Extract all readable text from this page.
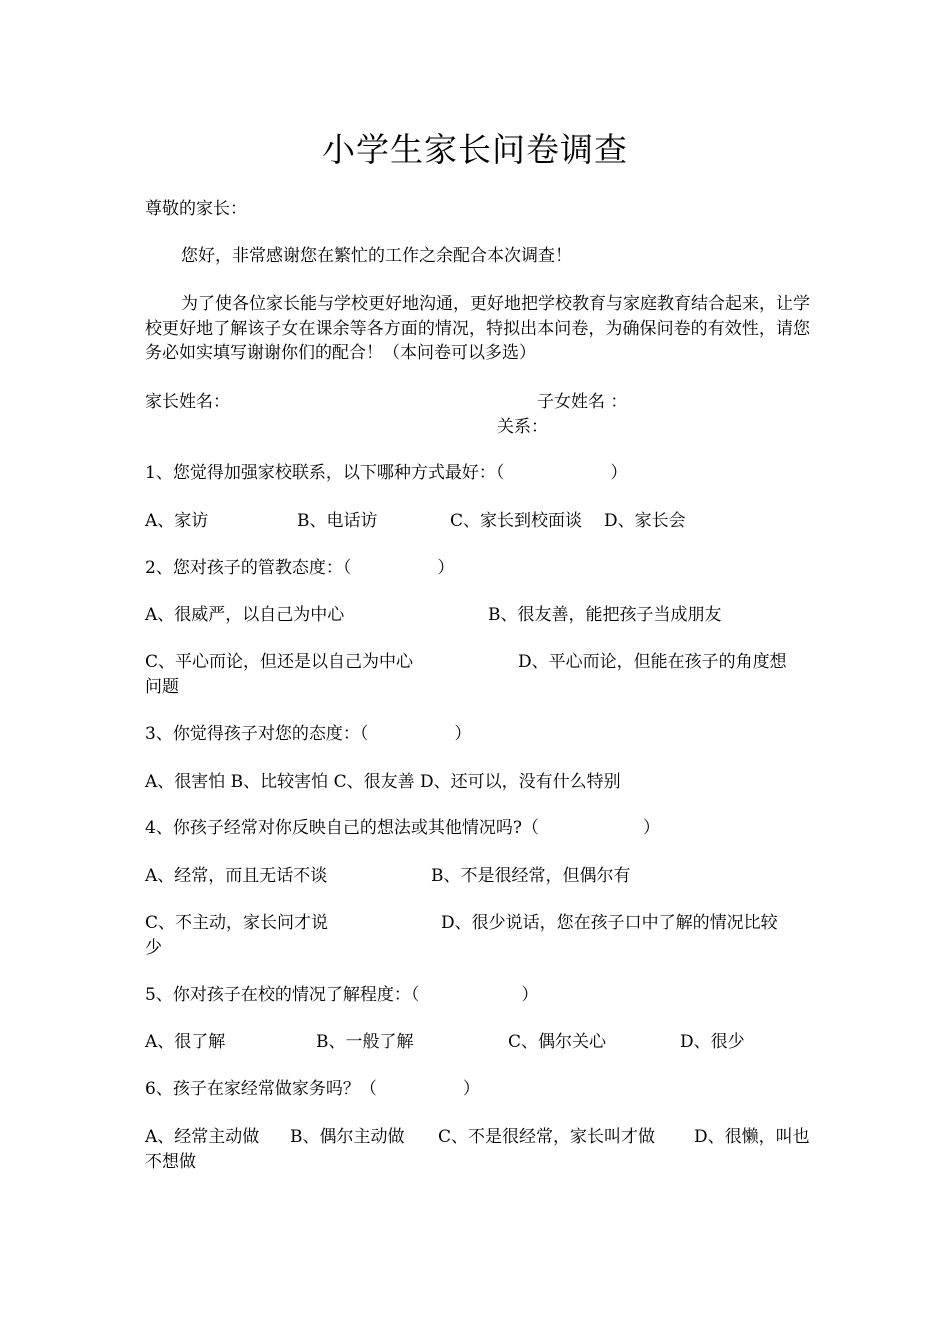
小学生家长问卷调查
尊敬的家长：
您好，非常感谢您在繁忙的工作之余配合本次调查！
为了使各位家长能与学校更好地沟通，更好地把学校教育与家庭教育结合起来，让学校更好地了解该子女在课余等各方面的情况，特拟出本问卷，为确保问卷的有效性，请您务必如实填写谢谢你们的配合！（本问卷可以多选）
家长姓名：	子女姓名 ：
关系：
1、您觉得加强家校联系，以下哪种方式最好：（	）
A、家访	B、电话访	C、家长到校面谈 D、家长会
2、您对孩子的管教态度：（	）
A、很威严，以自己为中心	B、很友善，能把孩子当成朋友
C、平心而论，但还是以自己为中心	D、平心而论，但能在孩子的角度想
问题
3、你觉得孩子对您的态度：（	）
A、很害怕 B、比较害怕 C、很友善 D、还可以，没有什么特别
4、你孩子经常对你反映自己的想法或其他情况吗?（	）
A、经常，而且无话不谈	B、不是很经常，但偶尔有
C、不主动，家长问才说	D、很少说话，您在孩子口中了解的情况比较
少
5、你对孩子在校的情况了解程度：（	）
A、很了解	B、一般了解	C、偶尔关心	D、很少
6、孩子在家经常做家务吗？（	）
A、经常主动做 B、偶尔主动做 C、不是很经常，家长叫才做 D、很懒，叫也
不想做
